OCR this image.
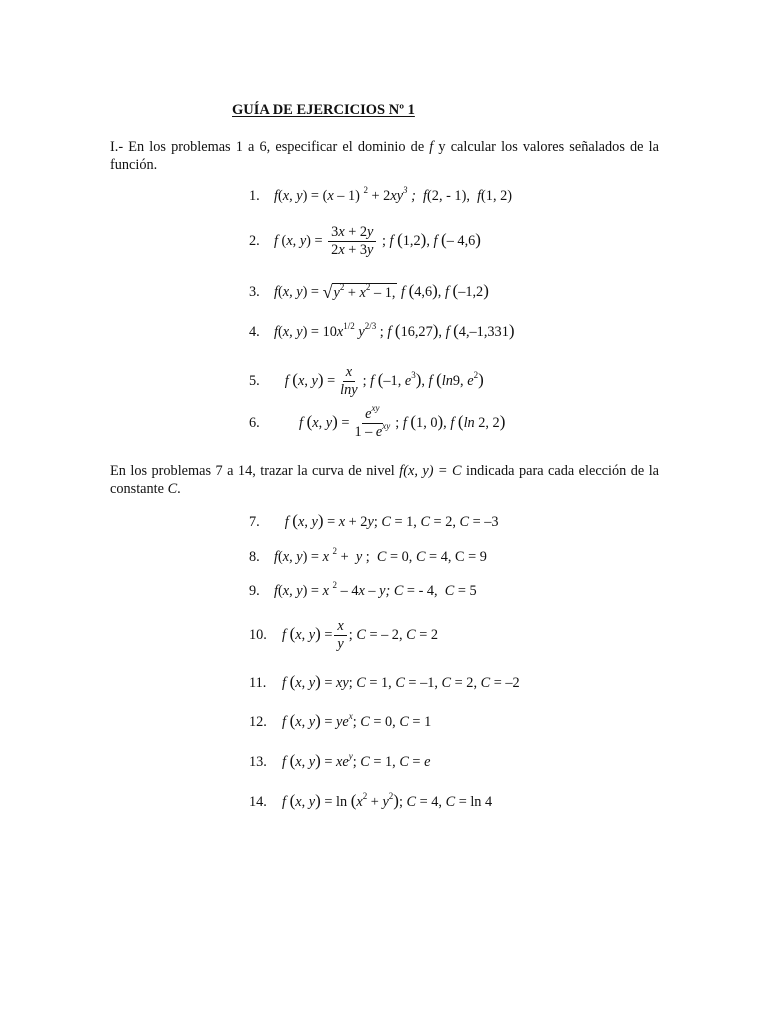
GUÍA DE EJERCICIOS Nº 1
I.- En los problemas 1 a 6, especificar el dominio de f y calcular los valores señalados de la función.
1. f(x, y) = (x – 1) $^2 + 2xy^3$ ; f(2, - 1),  f(1, 2)
2. f (x, $y) = \frac{3x + 2y}{2x + 3y}$ ; f (1,2), f (– 4,6)
3. f(x, y) = √ $y^2 + x^2 - 1$, f (4,6), f (–1,2)
4. f(x, $y) = 10x^{1/2}$ $y^{2/3}$ ; f (16,27), f (4,–1,331)
5.	f (x, $y) = \frac{x}{\ln y}$ ; f (–1, $e^3$), f (ln9, $e^2$)
6.	f (x, $y) = \frac{e^{xy}}{1 - e^{xy}}$ ; f (1, 0), f (ln 2, 2)
En los problemas 7 a 14, trazar la curva de nivel f(x, y) = C indicada para cada elección de la constante C.
7.	f (x, y) = x + 2y; C = 1, C = 2, C = –3
8. f(x, y) = x $^2$ +  y ;  C = 0, C = 4, C = 9
9. f(x, y) = x $^2$ – 4x – y; C = - 4,  C = 5
10.	f (x, $y) = \frac{x}{y}$ ; C = – 2, C = 2
11.	f (x, y) = xy; C = 1, C = –1, C = 2, C = –2
12.	f (x, $y) = ye^x$; C = 0, C = 1
13.	f (x, $y) = xe^y$; C = 1, C = e
14.	f (x, $y) = \ln (x^2 + y^2)$; C = 4, C = ln 4
